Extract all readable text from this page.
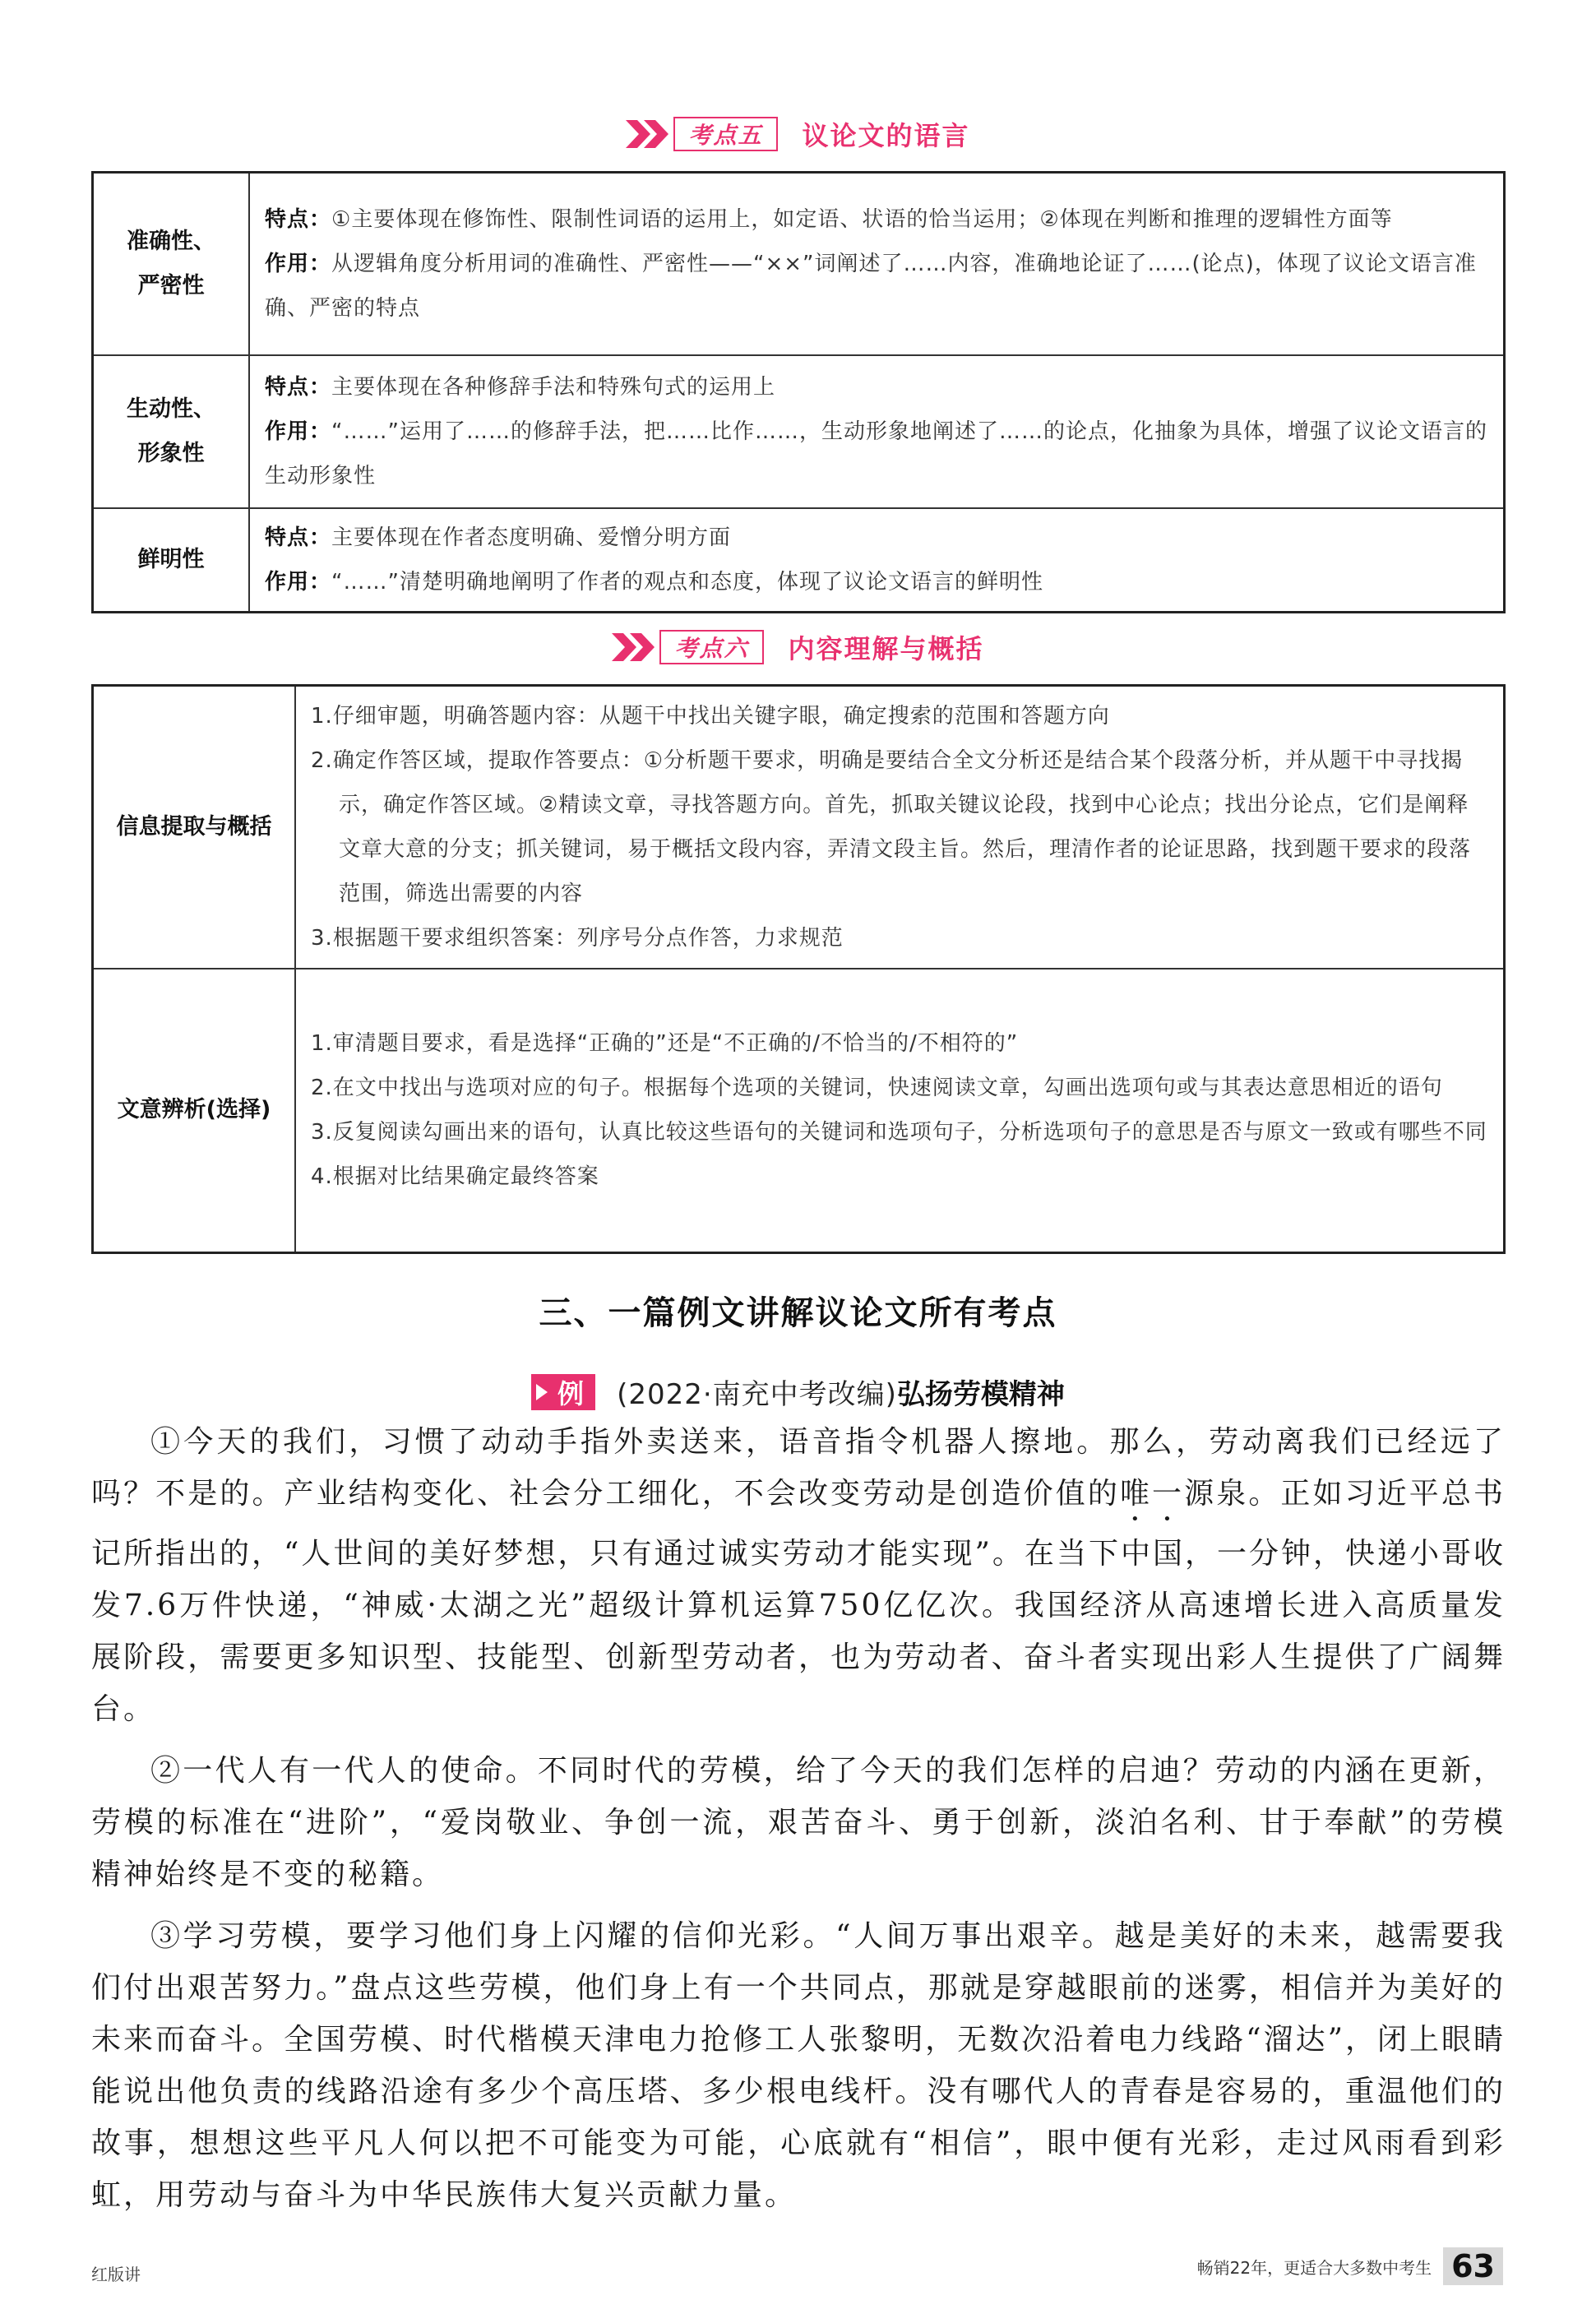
考点五	议论文的语言
准确性、严密性	特点：①主要体现在修饰性、限制性词语的运用上，如定语、状语的恰当运用；②体现在判断和推理的逻辑性方面等

作用：从逻辑角度分析用词的准确性、严密性——“××”词阐述了……内容，准确地论证了……(论点)，体现了议论文语言准确、严密的特点

生动性、形象性	特点：主要体现在各种修辞手法和特殊句式的运用上

作用：“……”运用了……的修辞手法，把……比作……，生动形象地阐述了……的论点，化抽象为具体，增强了议论文语言的生动形象性

鲜明性	特点：主要体现在作者态度明确、爱憎分明方面

作用：“……”清楚明确地阐明了作者的观点和态度，体现了议论文语言的鲜明性

考点六	内容理解与概括
信息提取与概括	1.仔细审题，明确答题内容：从题干中找出关键字眼，确定搜索的范围和答题方向

2.确定作答区域，提取作答要点：①分析题干要求，明确是要结合全文分析还是结合某个段落分析，并从题干中寻找揭示，确定作答区域。②精读文章，寻找答题方向。首先，抓取关键议论段，找到中心论点；找出分论点，它们是阐释文章大意的分支；抓关键词，易于概括文段内容，弄清文段主旨。然后，理清作者的论证思路，找到题干要求的段落范围，筛选出需要的内容

3.根据题干要求组织答案：列序号分点作答，力求规范

文意辨析(选择)	1.审清题目要求，看是选择“正确的”还是“不正确的/不恰当的/不相符的”

2.在文中找出与选项对应的句子。根据每个选项的关键词，快速阅读文章，勾画出选项句或与其表达意思相近的语句

3.反复阅读勾画出来的语句，认真比较这些语句的关键词和选项句子，分析选项句子的意思是否与原文一致或有哪些不同

4.根据对比结果确定最终答案

三、一篇例文讲解议论文所有考点
例 (2022·南充中考改编) 弘扬劳模精神

①今天的我们，习惯了动动手指外卖送来，语音指令机器人擦地。那么，劳动离我们已经远了吗？不是的。产业结构变化、社会分工细化，不会改变劳动是创造价值的唯一源泉。正如习近平总书记所指出的，“人世间的美好梦想，只有通过诚实劳动才能实现”。在当下中国，一分钟，快递小哥收发7.6万件快递，“神威·太湖之光”超级计算机运算750亿亿次。我国经济从高速增长进入高质量发展阶段，需要更多知识型、技能型、创新型劳动者，也为劳动者、奋斗者实现出彩人生提供了广阔舞台。

②一代人有一代人的使命。不同时代的劳模，给了今天的我们怎样的启迪？劳动的内涵在更新，劳模的标准在“进阶”，“爱岗敬业、争创一流，艰苦奋斗、勇于创新，淡泊名利、甘于奉献”的劳模精神始终是不变的秘籍。

③学习劳模，要学习他们身上闪耀的信仰光彩。“人间万事出艰辛。越是美好的未来，越需要我们付出艰苦努力。”盘点这些劳模，他们身上有一个共同点，那就是穿越眼前的迷雾，相信并为美好的未来而奋斗。全国劳模、时代楷模天津电力抢修工人张黎明，无数次沿着电力线路“溜达”，闭上眼睛能说出他负责的线路沿途有多少个高压塔、多少根电线杆。没有哪代人的青春是容易的，重温他们的故事，想想这些平凡人何以把不可能变为可能，心底就有“相信”，眼中便有光彩，走过风雨看到彩虹，用劳动与奋斗为中华民族伟大复兴贡献力量。

红版讲	畅销22年，更适合大多数中考生 63
